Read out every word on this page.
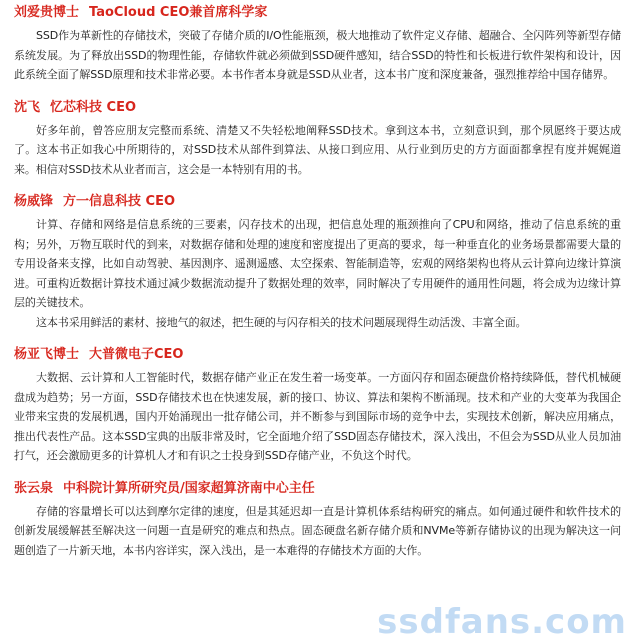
刘爱贵博士 TaoCloud CEO兼首席科学家

SSD作为革新性的存储技术，突破了存储介质的I/O性能瓶颈，极大地推动了软件定义存储、超融合、全闪阵列等新型存储系统发展。为了释放出SSD的物理性能，存储软件就必须做到SSD硬件感知，结合SSD的特性和长板进行软件架构和设计，因此系统全面了解SSD原理和技术非常必要。本书作者本身就是SSD从业者，这本书广度和深度兼备，强烈推荐给中国存储界。

沈飞 忆芯科技 CEO

好多年前，曾答应朋友完整而系统、清楚又不失轻松地阐释SSD技术。拿到这本书，立刻意识到，那个夙愿终于要达成了。这本书正如我心中所期待的，对SSD技术从部件到算法、从接口到应用、从行业到历史的方方面面都拿捏有度并娓娓道来。相信对SSD技术从业者而言，这会是一本特别有用的书。

杨威锋 方一信息科技 CEO

计算、存储和网络是信息系统的三要素，闪存技术的出现，把信息处理的瓶颈推向了CPU和网络，推动了信息系统的重构；另外，万物互联时代的到来，对数据存储和处理的速度和密度提出了更高的要求，每一种垂直化的业务场景都需要大量的专用设备来支撑，比如自动驾驶、基因测序、遥测遥感、太空探索、智能制造等，宏观的网络架构也将从云计算向边缘计算演进。可重构近数据计算技术通过减少数据流动提升了数据处理的效率，同时解决了专用硬件的通用性问题，将会成为边缘计算层的关键技术。

这本书采用鲜活的素材、接地气的叙述，把生硬的与闪存相关的技术问题展现得生动活泼、丰富全面。

杨亚飞博士 大普微电子CEO

大数据、云计算和人工智能时代，数据存储产业正在发生着一场变革。一方面闪存和固态硬盘价格持续降低，替代机械硬盘成为趋势；另一方面，SSD存储技术也在快速发展，新的接口、协议、算法和架构不断涌现。技术和产业的大变革为我国企业带来宝贵的发展机遇，国内开始涌现出一批存储公司，并不断参与到国际市场的竞争中去，实现技术创新，解决应用痛点，推出代表性产品。这本SSD宝典的出版非常及时，它全面地介绍了SSD固态存储技术，深入浅出，不但会为SSD从业人员加油打气，还会激励更多的计算机人才和有识之士投身到SSD存储产业，不负这个时代。

张云泉 中科院计算所研究员/国家超算济南中心主任

存储的容量增长可以达到摩尔定律的速度，但是其延迟却一直是计算机体系结构研究的痛点。如何通过硬件和软件技术的创新发展缓解甚至解决这一问题一直是研究的难点和热点。固态硬盘名新存储介质和NVMe等新存储协议的出现为解决这一问题创造了一片新天地，本书内容详实，深入浅出，是一本难得的存储技术方面的大作。

ssdfans.com
